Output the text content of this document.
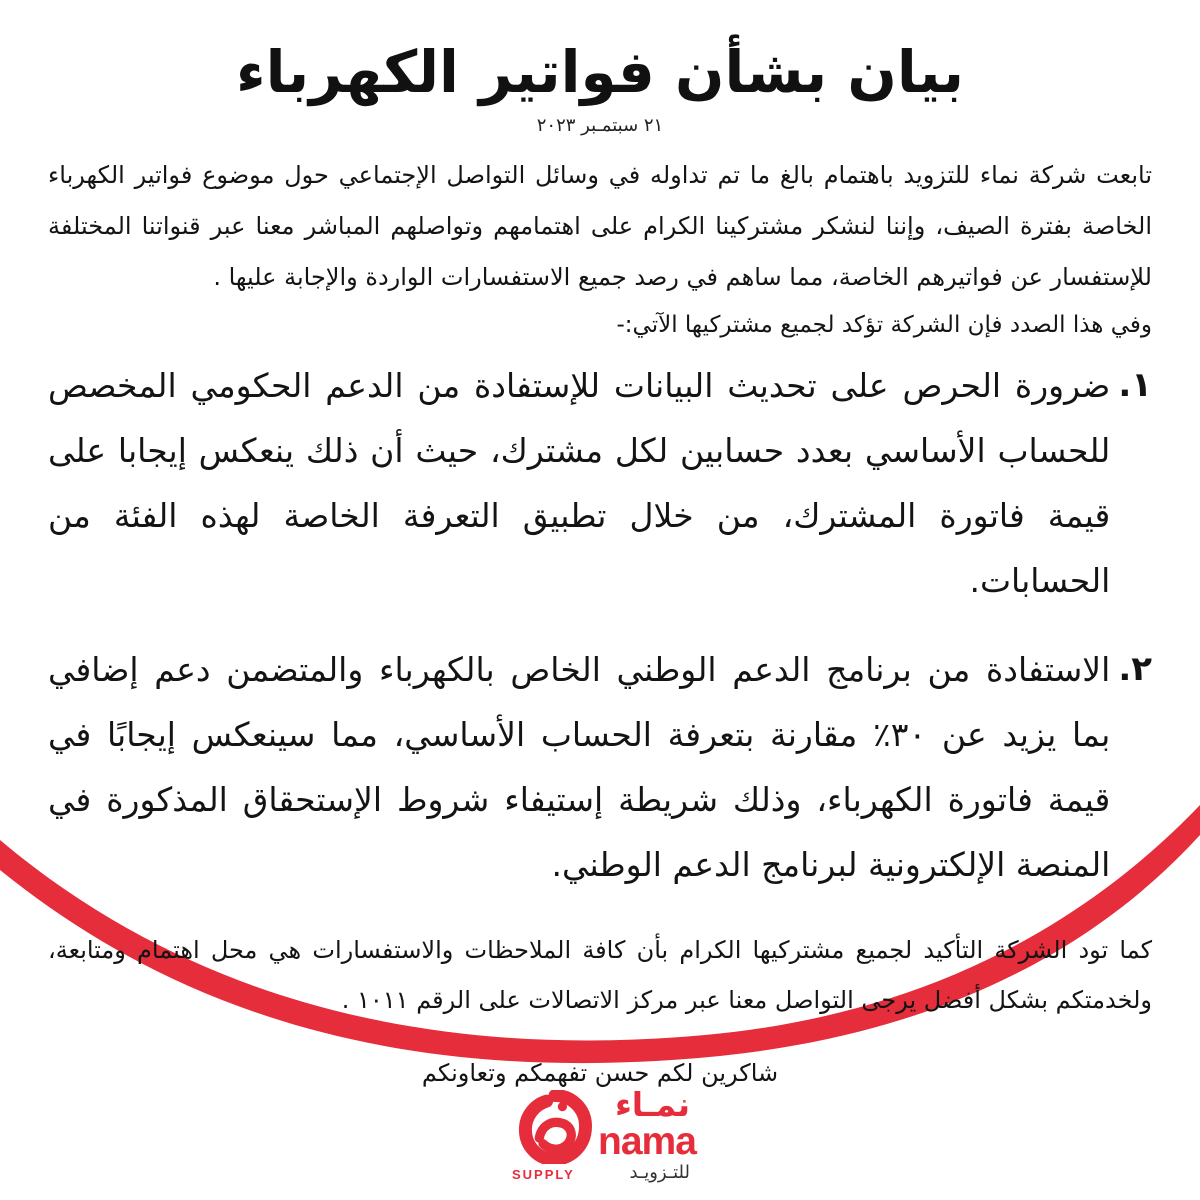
بيان بشأن فواتير الكهرباء
٢١ سبتمـبر ٢٠٢٣

تابعت شركة نماء للتزويد باهتمام بالغ ما تم تداوله في وسائل التواصل الإجتماعي حول موضوع فواتير الكهرباء الخاصة بفترة الصيف، وإننا لنشكر مشتركينا الكرام على اهتمامهم وتواصلهم المباشر معنا عبر قنواتنا المختلفة للإستفسار عن فواتيرهم الخاصة، مما ساهم في رصد جميع الاستفسارات الواردة والإجابة عليها .

وفي هذا الصدد فإن الشركة تؤكد لجميع مشتركيها الآتي:-

١.
ضرورة الحرص على تحديث البيانات للإستفادة من الدعم الحكومي المخصص للحساب الأساسي بعدد حسابين لكل مشترك، حيث أن ذلك ينعكس إيجابا على قيمة فاتورة المشترك، من خلال تطبيق التعرفة الخاصة لهذه الفئة من الحسابات.
٢.
الاستفادة من برنامج الدعم الوطني الخاص بالكهرباء والمتضمن دعم إضافي بما يزيد عن ٣٠٪ مقارنة بتعرفة الحساب الأساسي، مما سينعكس إيجابًا في قيمة فاتورة الكهرباء، وذلك شريطة إستيفاء شروط الإستحقاق المذكورة في المنصة الإلكترونية لبرنامج الدعم الوطني.

كما تود الشركة التأكيد لجميع مشتركيها الكرام بأن كافة الملاحظات والاستفسارات هي محل اهتمام ومتابعة، ولخدمتكم بشكل أفضل يرجى التواصل معنا عبر مركز الاتصالات على الرقم ١٠١١ .

شاكرين لكم حسن تفهمكم وتعاونكم

نمـاء
nama
SUPPLY	للتـزويـد
